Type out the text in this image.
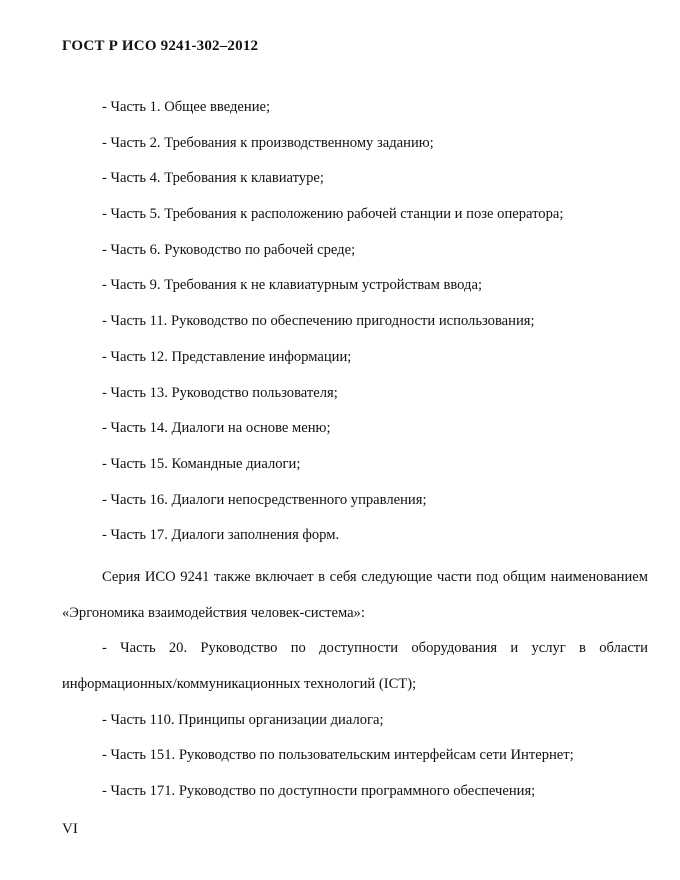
ГОСТ Р ИСО 9241-302–2012
- Часть 1. Общее введение;
- Часть 2. Требования к производственному заданию;
- Часть 4. Требования к клавиатуре;
- Часть 5. Требования к расположению рабочей станции и позе оператора;
- Часть 6. Руководство по рабочей среде;
- Часть 9. Требования к не клавиатурным устройствам ввода;
- Часть 11. Руководство по обеспечению пригодности использования;
- Часть 12. Представление информации;
- Часть 13. Руководство пользователя;
- Часть 14. Диалоги на основе меню;
- Часть 15. Командные диалоги;
- Часть 16. Диалоги непосредственного управления;
- Часть 17. Диалоги заполнения форм.
Серия ИСО 9241 также включает в себя следующие части под общим наименованием «Эргономика взаимодействия человек-система»:
- Часть 20. Руководство по доступности оборудования и услуг в области информационных/коммуникационных технологий (ICT);
- Часть 110. Принципы организации диалога;
- Часть 151. Руководство по пользовательским интерфейсам сети Интернет;
- Часть 171. Руководство по доступности программного обеспечения;
VI
